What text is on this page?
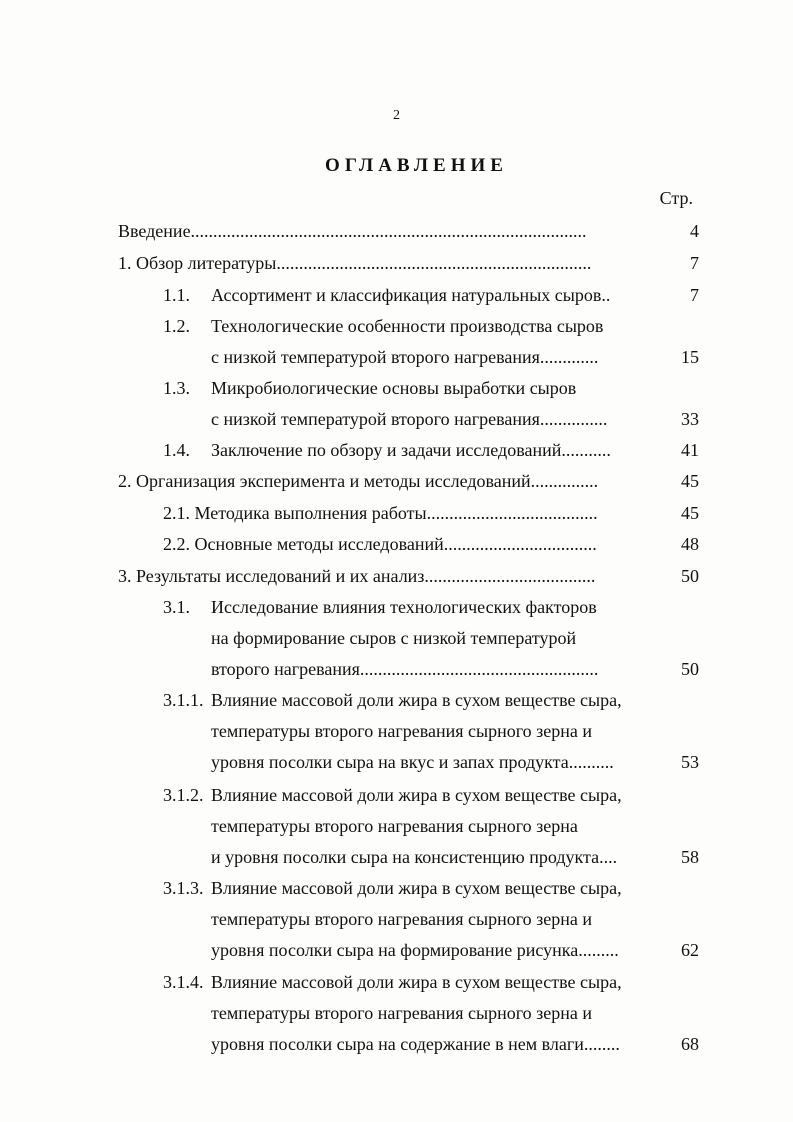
2
ОГЛАВЛЕНИЕ
Стр.
Введение........................................................................................	4
1. Обзор литературы......................................................................	7
1.1. Ассортимент и классификация натуральных сыров..	7
1.2. Технологические особенности производства сыров
с низкой температурой второго нагревания.............	15
1.3. Микробиологические основы выработки сыров
с низкой температурой второго нагревания...............	33
1.4. Заключение по обзору и задачи исследований...........	41
2. Организация эксперимента и методы исследований...............	45
2.1. Методика выполнения работы......................................	45
2.2. Основные методы исследований..................................	48
3. Результаты исследований и их анализ......................................	50
3.1. Исследование влияния технологических факторов
на формирование сыров с низкой температурой
второго нагревания.....................................................	50
3.1.1. Влияние массовой доли жира в сухом веществе сыра,
температуры второго нагревания сырного зерна и
уровня посолки сыра на вкус и запах продукта..........	53
3.1.2. Влияние массовой доли жира в сухом веществе сыра,
температуры второго нагревания сырного зерна
и уровня посолки сыра на консистенцию продукта....	58
3.1.3. Влияние массовой доли жира в сухом веществе сыра,
температуры второго нагревания сырного зерна и
уровня посолки сыра на формирование рисунка.........	62
3.1.4. Влияние массовой доли жира в сухом веществе сыра,
температуры второго нагревания сырного зерна и
уровня посолки сыра на содержание в нем влаги........	68
